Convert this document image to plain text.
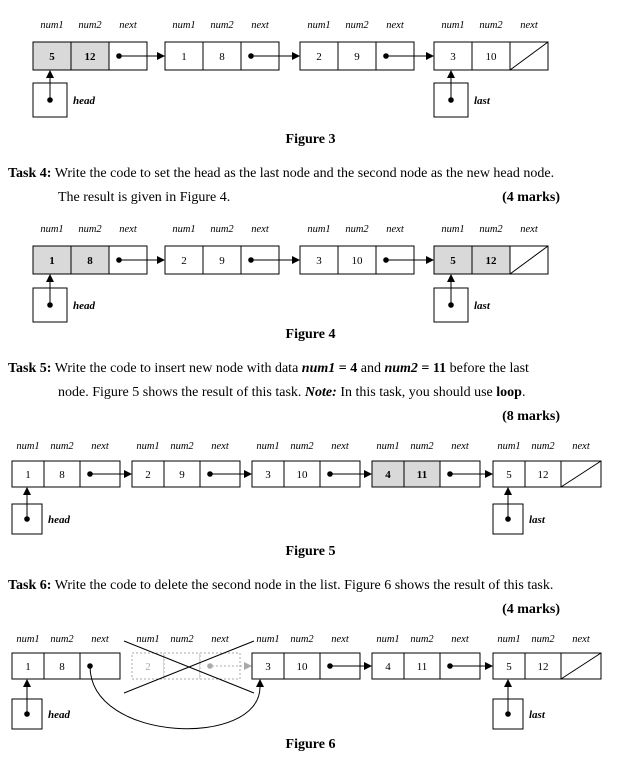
num1 num2 next
5	12
num1 num2 next
1	8
num1 num2 next
2	9
num1 num2 next
3	10
head	last
Figure 3
Task 4: Write the code to set the head as the last node and the second node as the new head node.
The result is given in Figure 4.	(4 marks)
num1 num2 next
1	8
num1 num2 next
2	9
num1 num2 next
3	10
num1 num2 next
5	12
head	last
Figure 4
Task 5: Write the code to insert new node with data num1 = 4 and num2 = 11 before the last
node. Figure 5 shows the result of this task. Note: In this task, you should use loop.
(8 marks)
num1 num2 next
1	8
num1 num2 next
2	9
num1 num2 next
3 10
num1 num2 next
4 11
num1 num2 next
5 12
head	last
Figure 5
Task 6: Write the code to delete the second node in the list. Figure 6 shows the result of this task.
(4 marks)
num1 num2 next
1	8
num1 num2 next
2
num1 num2 next
3 10
num1 num2 next
4 11
num1 num2 next
5 12
head	last
Figure 6
